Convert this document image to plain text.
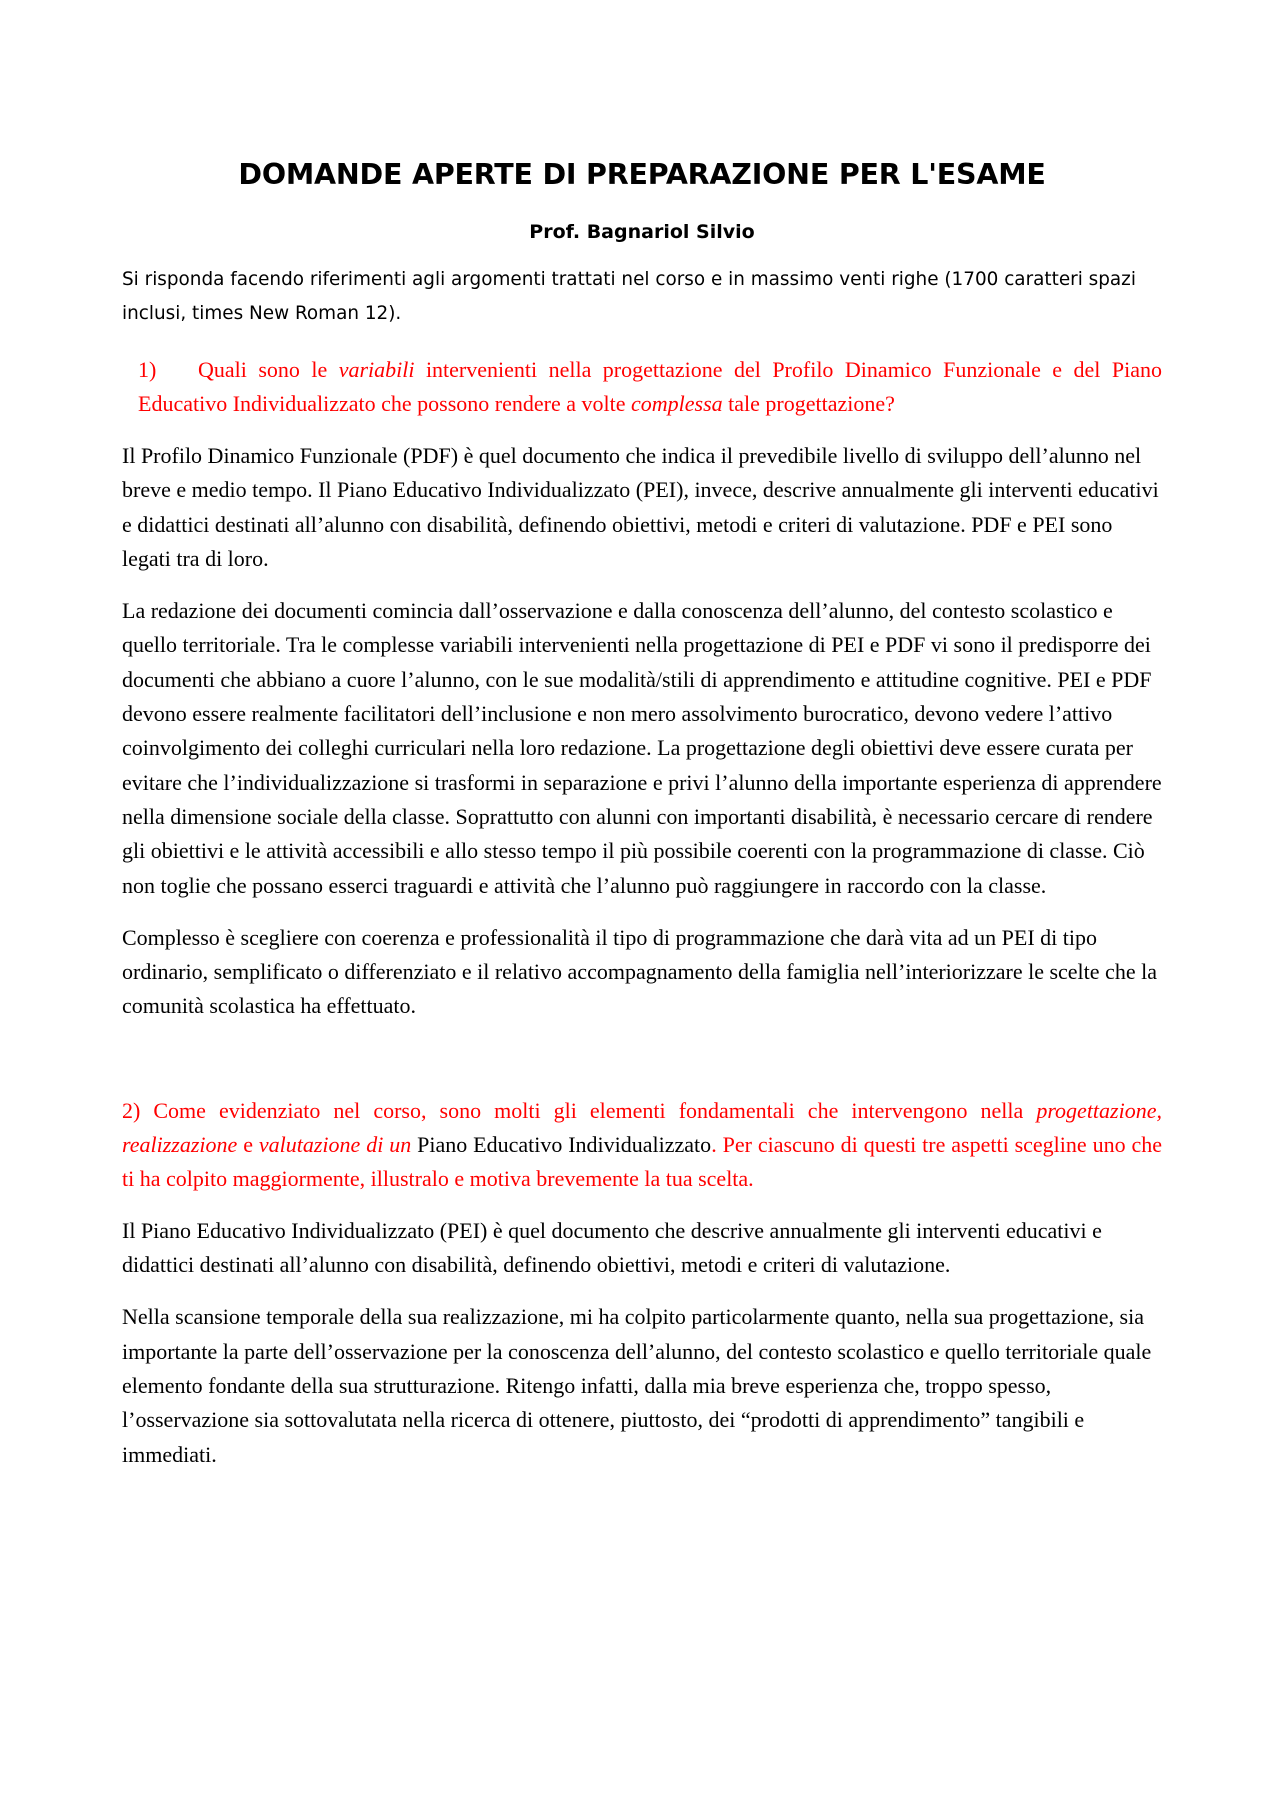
DOMANDE APERTE DI PREPARAZIONE PER L'ESAME

Prof. Bagnariol Silvio

Si risponda facendo riferimenti agli argomenti trattati nel corso e in massimo venti righe (1700 caratteri spazi inclusi, times New Roman 12).

1) Quali sono le variabili intervenienti nella progettazione del Profilo Dinamico Funzionale e del Piano Educativo Individualizzato che possono rendere a volte complessa tale progettazione?

Il Profilo Dinamico Funzionale (PDF) è quel documento che indica il prevedibile livello di sviluppo dell’alunno nel breve e medio tempo. Il Piano Educativo Individualizzato (PEI), invece, descrive annualmente gli interventi educativi e didattici destinati all’alunno con disabilità, definendo obiettivi, metodi e criteri di valutazione. PDF e PEI sono legati tra di loro.

La redazione dei documenti comincia dall’osservazione e dalla conoscenza dell’alunno, del contesto scolastico e quello territoriale. Tra le complesse variabili intervenienti nella progettazione di PEI e PDF vi sono il predisporre dei documenti che abbiano a cuore l’alunno, con le sue modalità/stili di apprendimento e attitudine cognitive. PEI e PDF devono essere realmente facilitatori dell’inclusione e non mero assolvimento burocratico, devono vedere l’attivo coinvolgimento dei colleghi curriculari nella loro redazione. La progettazione degli obiettivi deve essere curata per evitare che l’individualizzazione si trasformi in separazione e privi l’alunno della importante esperienza di apprendere nella dimensione sociale della classe. Soprattutto con alunni con importanti disabilità, è necessario cercare di rendere gli obiettivi e le attività accessibili e allo stesso tempo il più possibile coerenti con la programmazione di classe. Ciò non toglie che possano esserci traguardi e attività che l’alunno può raggiungere in raccordo con la classe.

Complesso è scegliere con coerenza e professionalità il tipo di programmazione che darà vita ad un PEI di tipo ordinario, semplificato o differenziato e il relativo accompagnamento della famiglia nell’interiorizzare le scelte che la comunità scolastica ha effettuato.

2) Come evidenziato nel corso, sono molti gli elementi fondamentali che intervengono nella progettazione, realizzazione e valutazione di un Piano Educativo Individualizzato. Per ciascuno di questi tre aspetti scegline uno che ti ha colpito maggiormente, illustralo e motiva brevemente la tua scelta.

Il Piano Educativo Individualizzato (PEI) è quel documento che descrive annualmente gli interventi educativi e didattici destinati all’alunno con disabilità, definendo obiettivi, metodi e criteri di valutazione.

Nella scansione temporale della sua realizzazione, mi ha colpito particolarmente quanto, nella sua progettazione, sia importante la parte dell’osservazione per la conoscenza dell’alunno, del contesto scolastico e quello territoriale quale elemento fondante della sua strutturazione. Ritengo infatti, dalla mia breve esperienza che, troppo spesso, l’osservazione sia sottovalutata nella ricerca di ottenere, piuttosto, dei “prodotti di apprendimento” tangibili e immediati.
